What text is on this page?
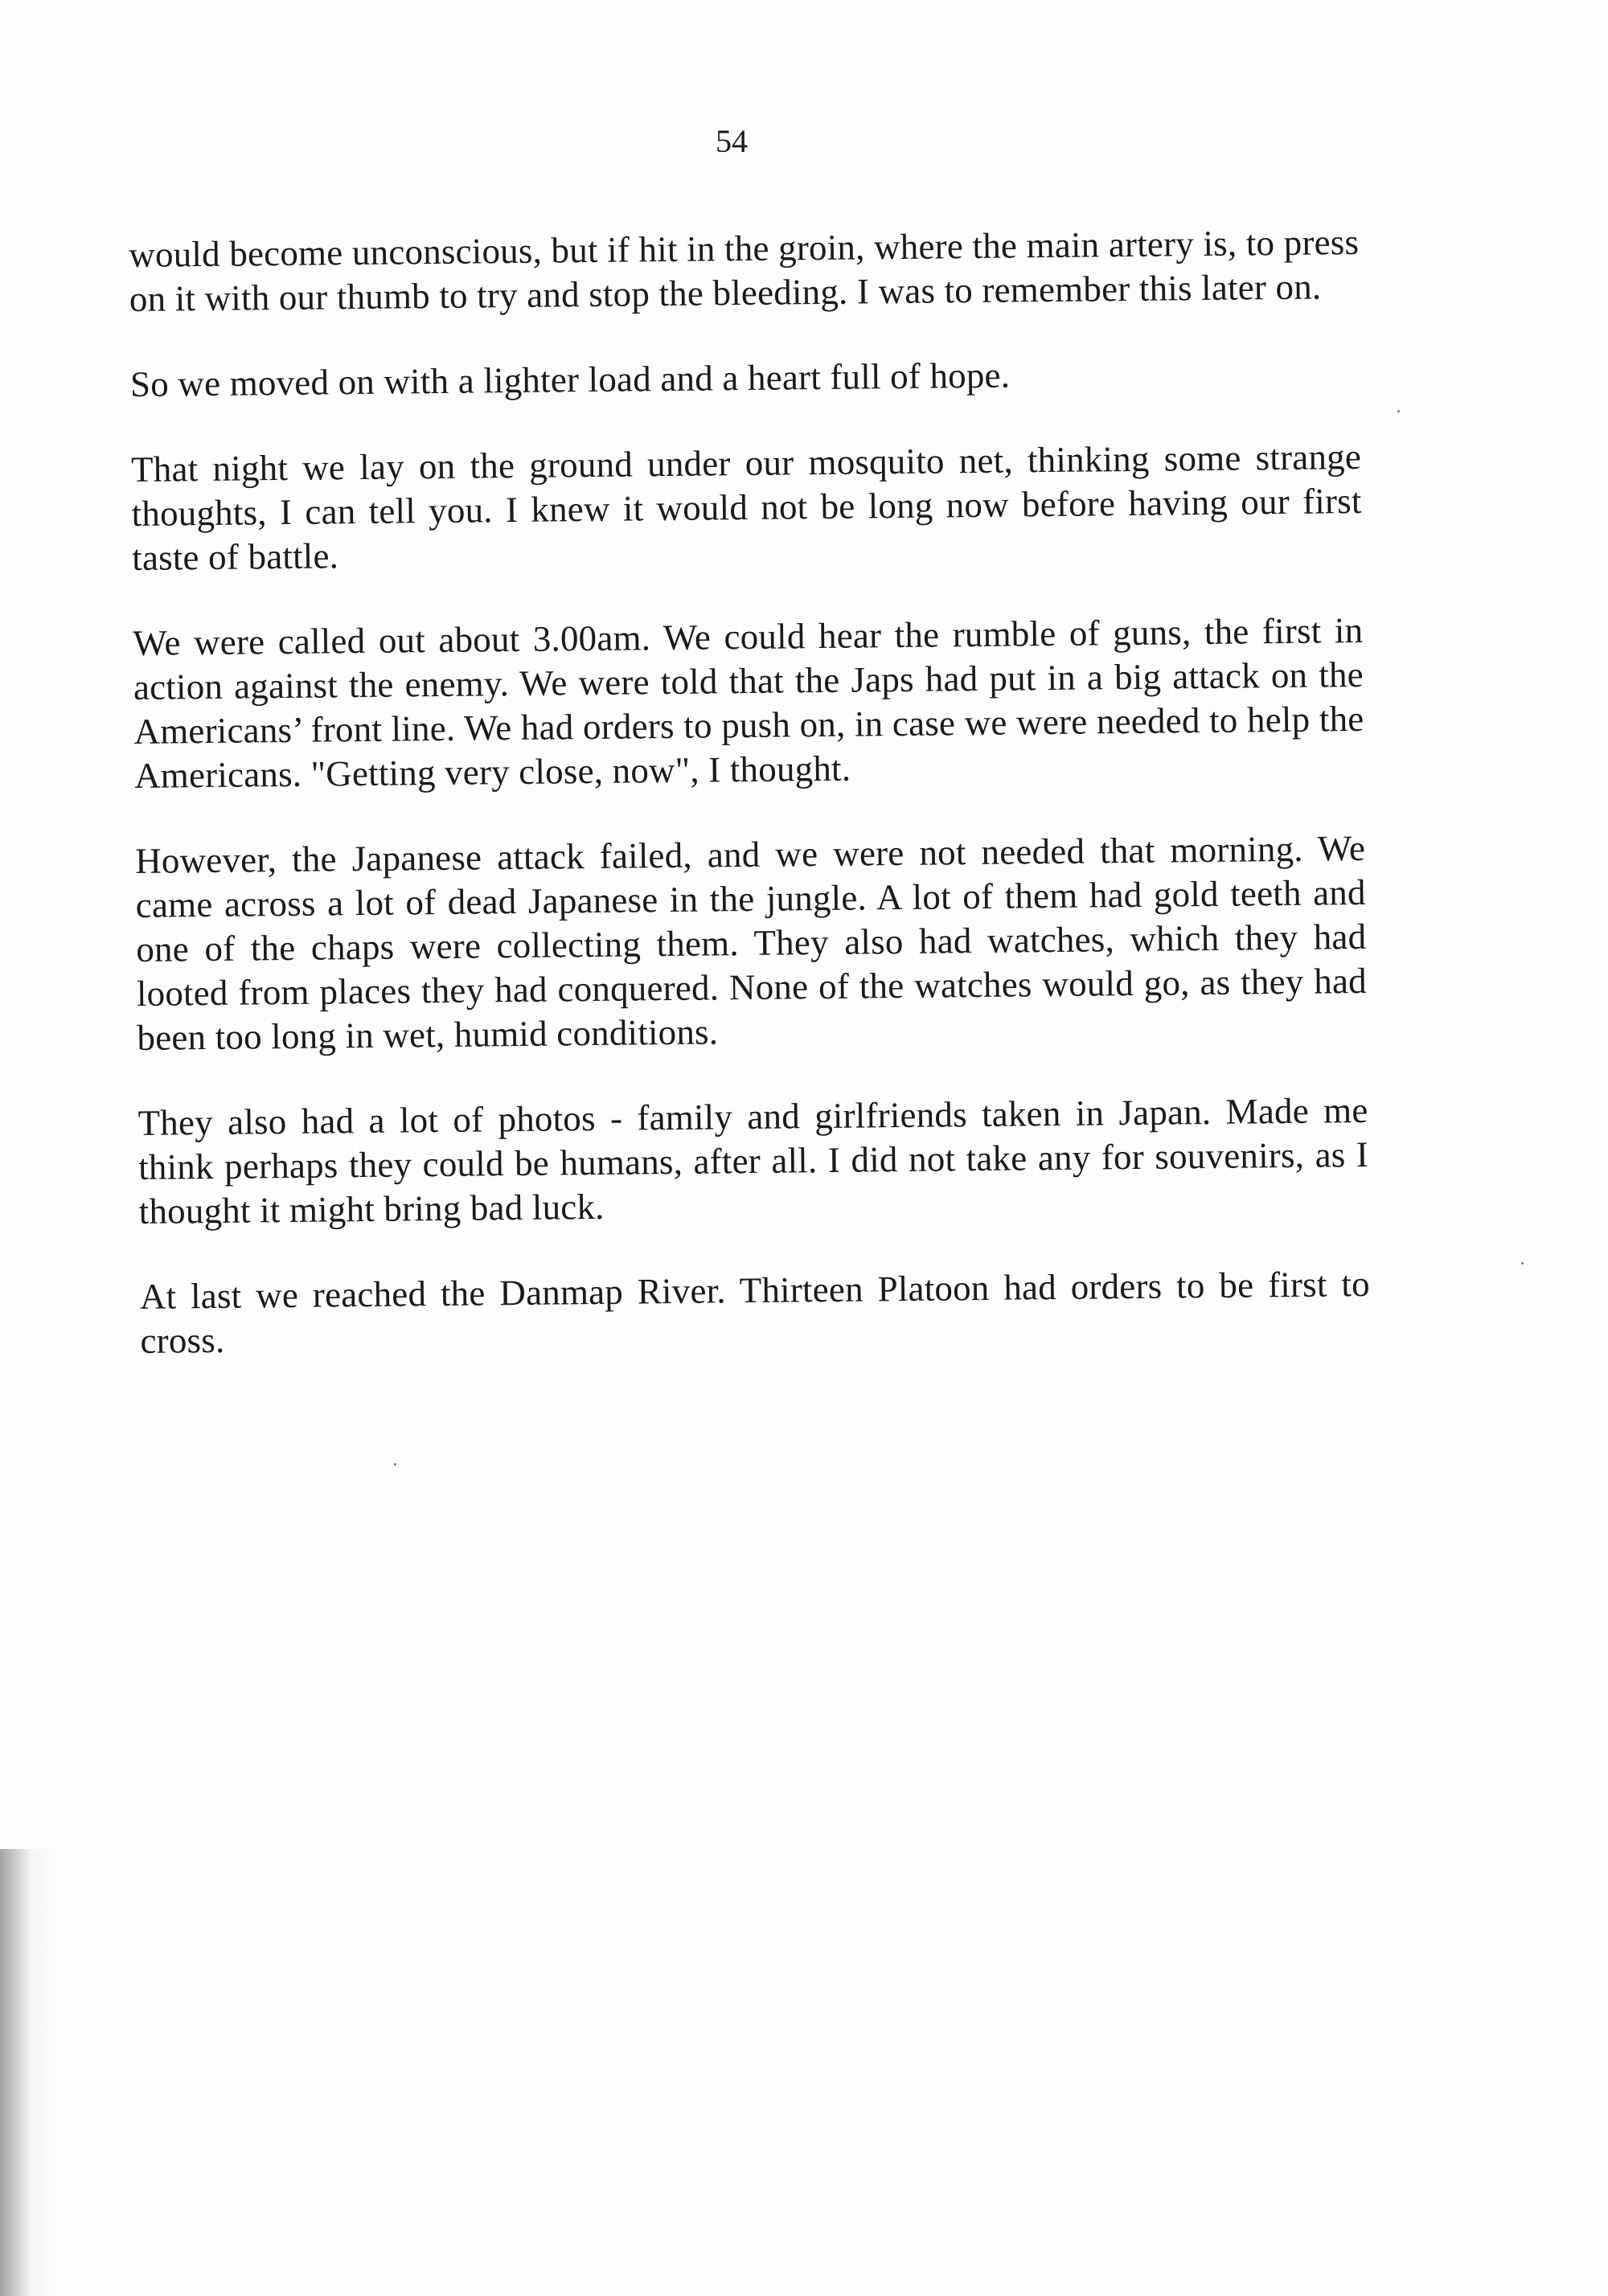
54

would become unconscious, but if hit in the groin, where the main artery is, to press on it with our thumb to try and stop the bleeding. I was to remember this later on.

So we moved on with a lighter load and a heart full of hope.

That night we lay on the ground under our mosquito net, thinking some strange thoughts, I can tell you. I knew it would not be long now before having our first taste of battle.

We were called out about 3.00am. We could hear the rumble of guns, the first in action against the enemy. We were told that the Japs had put in a big attack on the Americans’ front line. We had orders to push on, in case we were needed to help the Americans. "Getting very close, now", I thought.

However, the Japanese attack failed, and we were not needed that morning. We came across a lot of dead Japanese in the jungle. A lot of them had gold teeth and one of the chaps were collecting them. They also had watches, which they had looted from places they had conquered. None of the watches would go, as they had been too long in wet, humid conditions.

They also had a lot of photos - family and girlfriends taken in Japan. Made me think perhaps they could be humans, after all. I did not take any for souvenirs, as I thought it might bring bad luck.

At last we reached the Danmap River. Thirteen Platoon had orders to be first to cross.
